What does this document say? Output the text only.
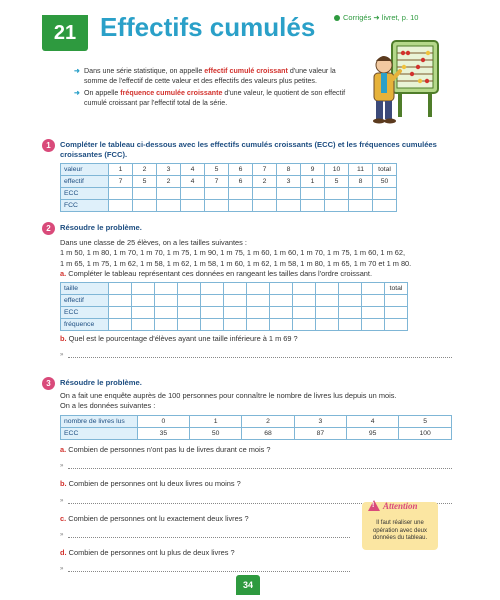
21 Effectifs cumulés	Corrigés ➜ livret, p. 10

➜ Dans une série statistique, on appelle effectif cumulé croissant d'une valeur la somme de l'effectif de cette valeur et des effectifs des valeurs plus petites.

➜ On appelle fréquence cumulée croissante d'une valeur, le quotient de son effectif cumulé croissant par l'effectif total de la série.

1	Compléter le tableau ci-dessous avec les effectifs cumulés croissants (ECC) et les fréquences cumulées croissantes (FCC).
valeur	1	2	3	4	5	6	7	8	9	10	11	total
effectif	7	5	2	4	7	6	2	3	1	5	8	50
ECC												
FCC												
2	Résoudre le problème.
Dans une classe de 25 élèves, on a les tailles suivantes :
1 m 50, 1 m 80, 1 m 70, 1 m 70, 1 m 75, 1 m 90, 1 m 75, 1 m 60, 1 m 60, 1 m 70, 1 m 75, 1 m 60, 1 m 62,
1 m 65, 1 m 75, 1 m 62, 1 m 58, 1 m 62, 1 m 58, 1 m 60, 1 m 62, 1 m 58, 1 m 80, 1 m 65, 1 m 70 et 1 m 80.
a. Compléter le tableau représentant ces données en rangeant les tailles dans l'ordre croissant.
taille													total
effectif													
ECC													
fréquence													
b. Quel est le pourcentage d'élèves ayant une taille inférieure à 1 m 69 ?
»
3	Résoudre le problème.
On a fait une enquête auprès de 100 personnes pour connaître le nombre de livres lus depuis un mois.
On a les données suivantes :
nombre de livres lus	0	1	2	3	4	5
ECC	35	50	68	87	95	100
a. Combien de personnes n'ont pas lu de livres durant ce mois ?
»
b. Combien de personnes ont lu deux livres ou moins ?
»
c. Combien de personnes ont lu exactement deux livres ?
»
d. Combien de personnes ont lu plus de deux livres ?
»
! Attention
Il faut réaliser une opération avec deux données du tableau.
34
